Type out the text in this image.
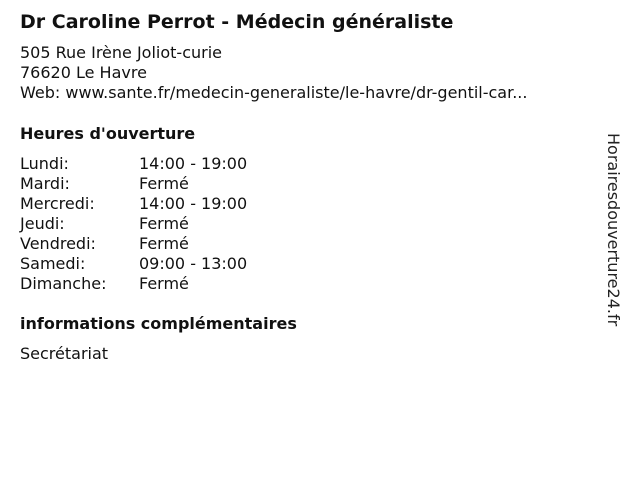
Dr Caroline Perrot - Médecin généraliste
505 Rue Irène Joliot-curie
76620 Le Havre
Web: www.sante.fr/medecin-generaliste/le-havre/dr-gentil-car...
Heures d'ouverture
Lundi:	14:00 - 19:00
Mardi:	Fermé
Mercredi:	14:00 - 19:00
Jeudi:	Fermé
Vendredi:	Fermé
Samedi:	09:00 - 13:00
Dimanche:	Fermé
informations complémentaires
Secrétariat
Horairesdouverture24.fr
